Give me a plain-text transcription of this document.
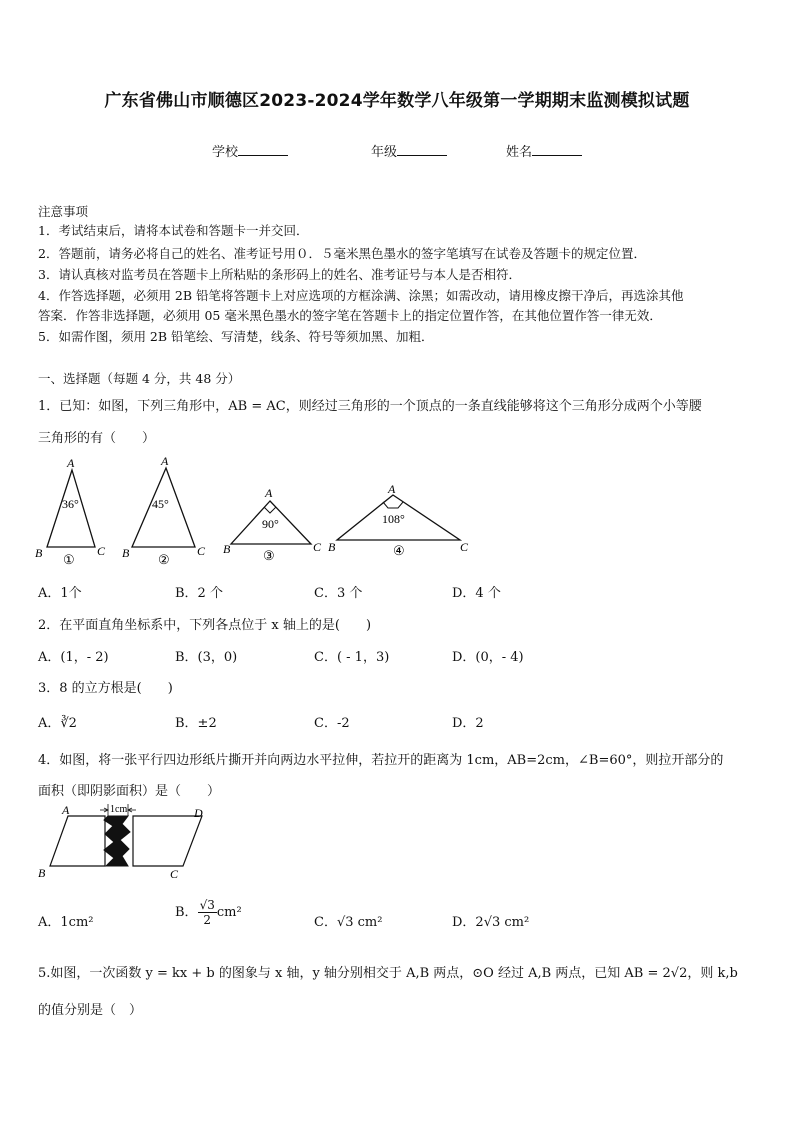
广东省佛山市顺德区2023-2024学年数学八年级第一学期期末监测模拟试题
学校	年级	姓名
注意事项
1．考试结束后，请将本试卷和答题卡一并交回．
2．答题前，请务必将自己的姓名、准考证号用０．５毫米黑色墨水的签字笔填写在试卷及答题卡的规定位置．
3．请认真核对监考员在答题卡上所粘贴的条形码上的姓名、准考证号与本人是否相符．
4．作答选择题，必须用 2B 铅笔将答题卡上对应选项的方框涂满、涂黑；如需改动，请用橡皮擦干净后，再选涂其他
答案．作答非选择题，必须用 05 毫米黑色墨水的签字笔在答题卡上的指定位置作答，在其他位置作答一律无效．
5．如需作图，须用 2B 铅笔绘、写清楚，线条、符号等须加黑、加粗．
一、选择题（每题 4 分，共 48 分）
1．已知：如图，下列三角形中，AB = AC，则经过三角形的一个顶点的一条直线能够将这个三角形分成两个小等腰
三角形的有（　　）
A
B	C
36°
①
A
B	C
45°
②
A
B	C
90°
③
A
B	C
108°
④
A．1个	B．2 个	C．3 个	D．4 个
2．在平面直角坐标系中，下列各点位于 x 轴上的是(　　)
A．(1，- 2)	B．(3，0)	C．( - 1，3)	D．(0，- 4)
3．8 的立方根是(　　)
A．∛2	B．±2	C．-2	D．2
4．如图，将一张平行四边形纸片撕开并向两边水平拉伸，若拉开的距离为 1cm，AB=2cm，∠B=60°，则拉开部分的
面积（即阴影面积）是（　　）
1cm
A	D
B	C
A．1cm²
B． $\frac{√3}{2} cm^2$
C．√3 cm²	D．2√3 cm²
5.如图，一次函数 y = kx + b 的图象与 x 轴，y 轴分别相交于 A,B 两点，⊙O 经过 A,B 两点，已知 AB = 2√2，则 k,b
的值分别是（　）
